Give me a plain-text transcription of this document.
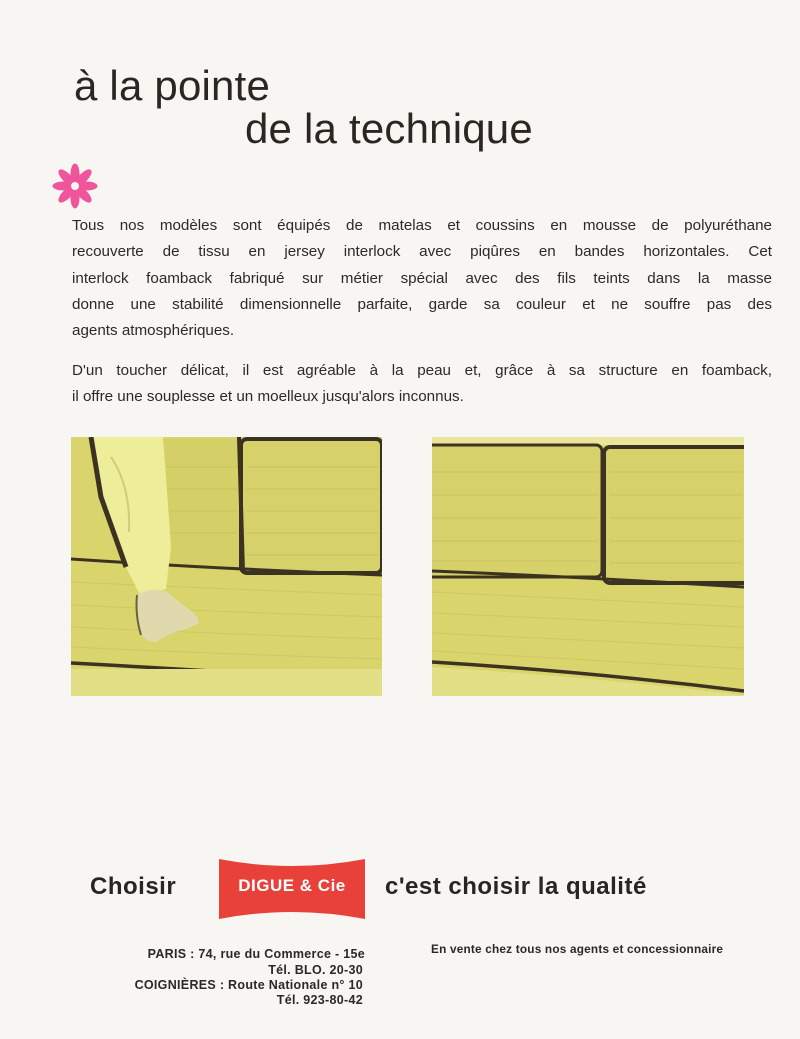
à la pointe
de la technique
Tous nos modèles sont équipés de matelas et coussins en mousse de polyuréthane
recouverte de tissu en jersey interlock avec piqûres en bandes horizontales. Cet
interlock foamback fabriqué sur métier spécial avec des fils teints dans la masse
donne une stabilité dimensionnelle parfaite, garde sa couleur et ne souffre pas des
agents atmosphériques.
D'un toucher délicat, il est agréable à la peau et, grâce à sa structure en foamback,
il offre une souplesse et un moelleux jusqu'alors inconnus.
Choisir	DIGUE & Cie	c'est choisir la qualité
PARIS : 74, rue du Commerce - 15e
Tél. BLO. 20-30
COIGNIÈRES : Route Nationale n° 10
Tél. 923-80-42
En vente chez tous nos agents et concessionnaire
